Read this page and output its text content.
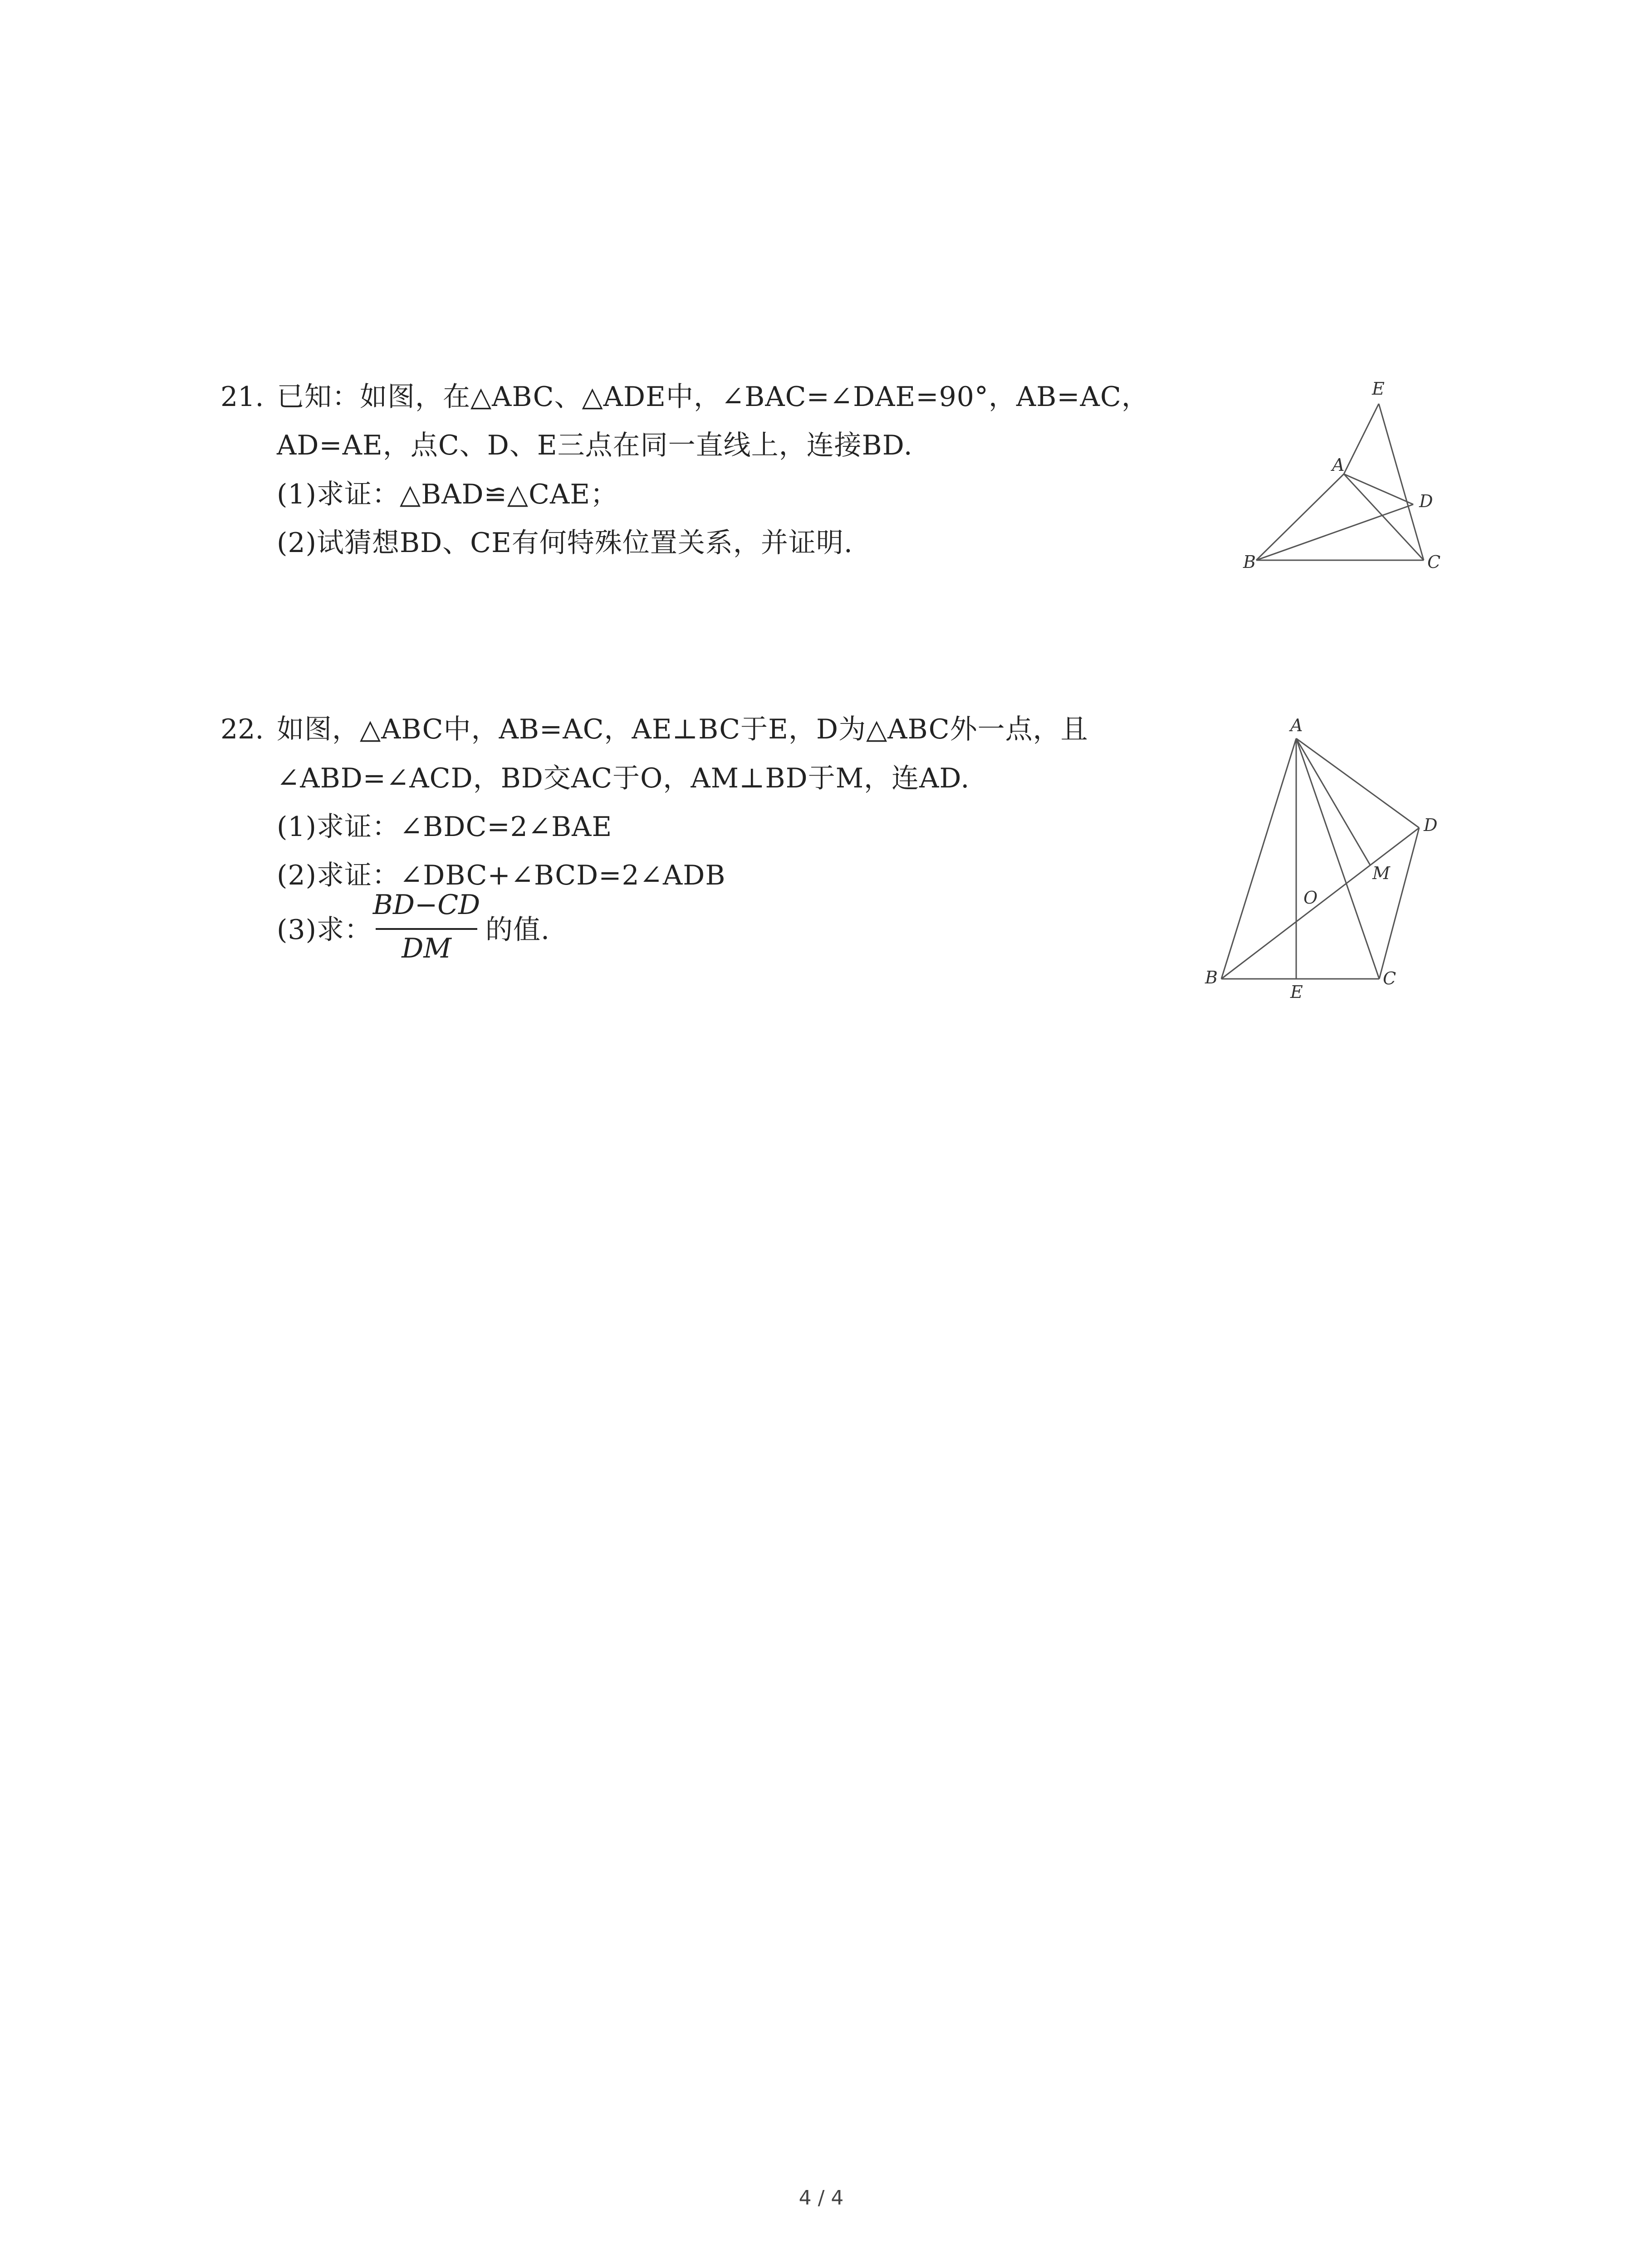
21. 已知：如图，在△ABC、△ADE中，∠BAC=∠DAE=90°，AB=AC，
AD=AE，点C、D、E三点在同一直线上，连接BD.
(1)求证：△BAD≌△CAE；
(2)试猜想BD、CE有何特殊位置关系，并证明.
E
A
D
B	C
22. 如图，△ABC中，AB=AC，AE⊥BC于E，D为△ABC外一点，且
∠ABD=∠ACD，BD交AC于O，AM⊥BD于M，连AD.
(1)求证：∠BDC=2∠BAE
(2)求证：∠DBC+∠BCD=2∠ADB
(3)求：
BD−CD
DM
的值.
A
D
M
O
B
E
C
4 / 4
